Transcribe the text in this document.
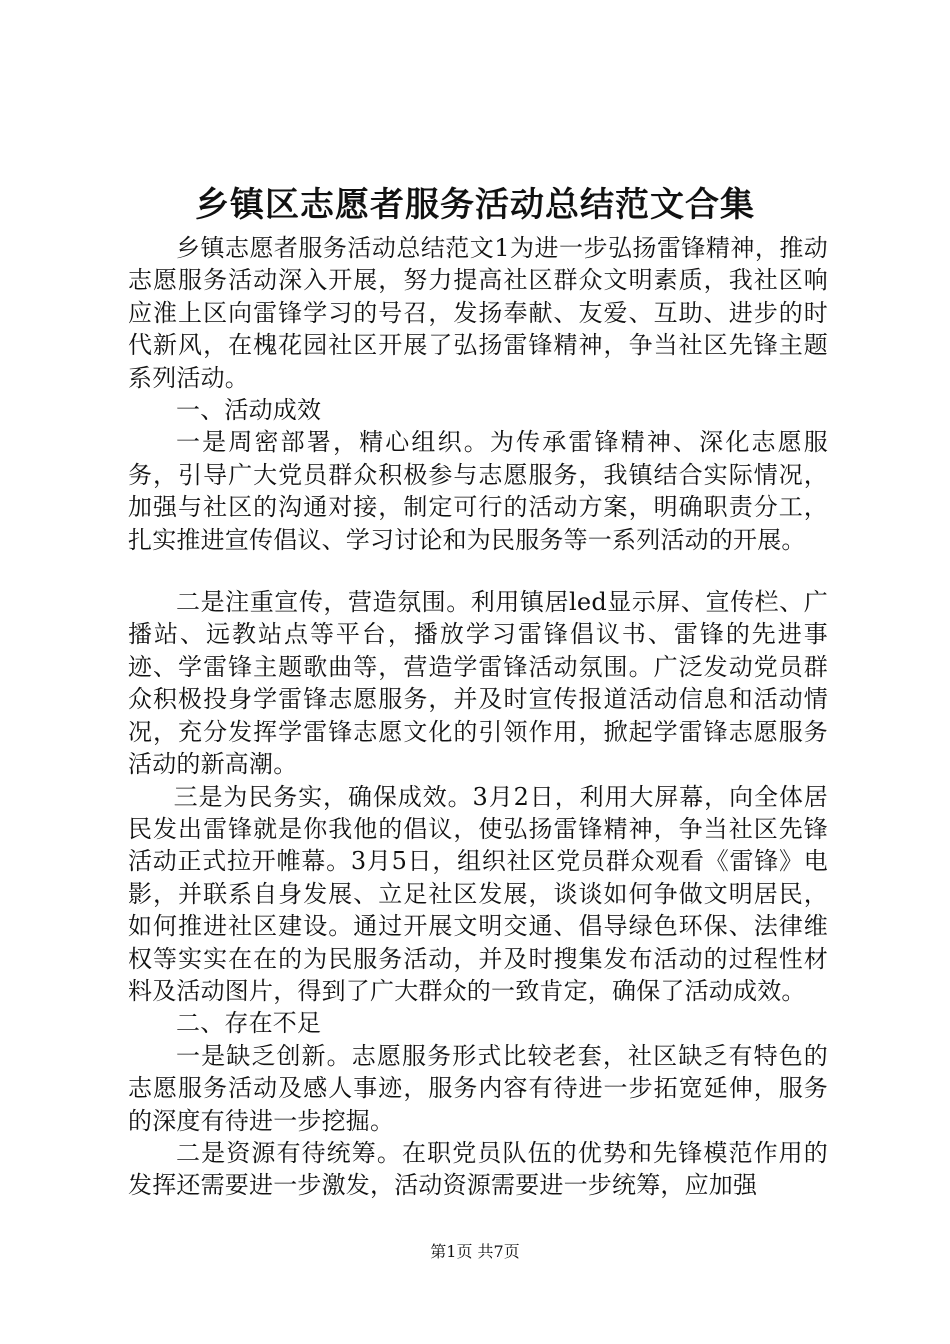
乡镇区志愿者服务活动总结范文合集

乡镇志愿者服务活动总结范文1为进一步弘扬雷锋精神，推动志愿服务活动深入开展，努力提高社区群众文明素质，我社区响应淮上区向雷锋学习的号召，发扬奉献、友爱、互助、进步的时代新风，在槐花园社区开展了弘扬雷锋精神，争当社区先锋主题系列活动。

一、活动成效

一是周密部署，精心组织。为传承雷锋精神、深化志愿服务，引导广大党员群众积极参与志愿服务，我镇结合实际情况，加强与社区的沟通对接，制定可行的活动方案，明确职责分工，扎实推进宣传倡议、学习讨论和为民服务等一系列活动的开展。

二是注重宣传，营造氛围。利用镇居led显示屏、宣传栏、广播站、远教站点等平台，播放学习雷锋倡议书、雷锋的先进事迹、学雷锋主题歌曲等，营造学雷锋活动氛围。广泛发动党员群众积极投身学雷锋志愿服务，并及时宣传报道活动信息和活动情况，充分发挥学雷锋志愿文化的引领作用，掀起学雷锋志愿服务活动的新高潮。

三是为民务实，确保成效。3月2日，利用大屏幕，向全体居民发出雷锋就是你我他的倡议，使弘扬雷锋精神，争当社区先锋活动正式拉开帷幕。3月5日，组织社区党员群众观看《雷锋》电影，并联系自身发展、立足社区发展，谈谈如何争做文明居民，如何推进社区建设。通过开展文明交通、倡导绿色环保、法律维权等实实在在的为民服务活动，并及时搜集发布活动的过程性材料及活动图片，得到了广大群众的一致肯定，确保了活动成效。

二、存在不足

一是缺乏创新。志愿服务形式比较老套，社区缺乏有特色的志愿服务活动及感人事迹，服务内容有待进一步拓宽延伸，服务的深度有待进一步挖掘。

二是资源有待统筹。在职党员队伍的优势和先锋模范作用的发挥还需要进一步激发，活动资源需要进一步统筹，应加强

第1页 共7页
